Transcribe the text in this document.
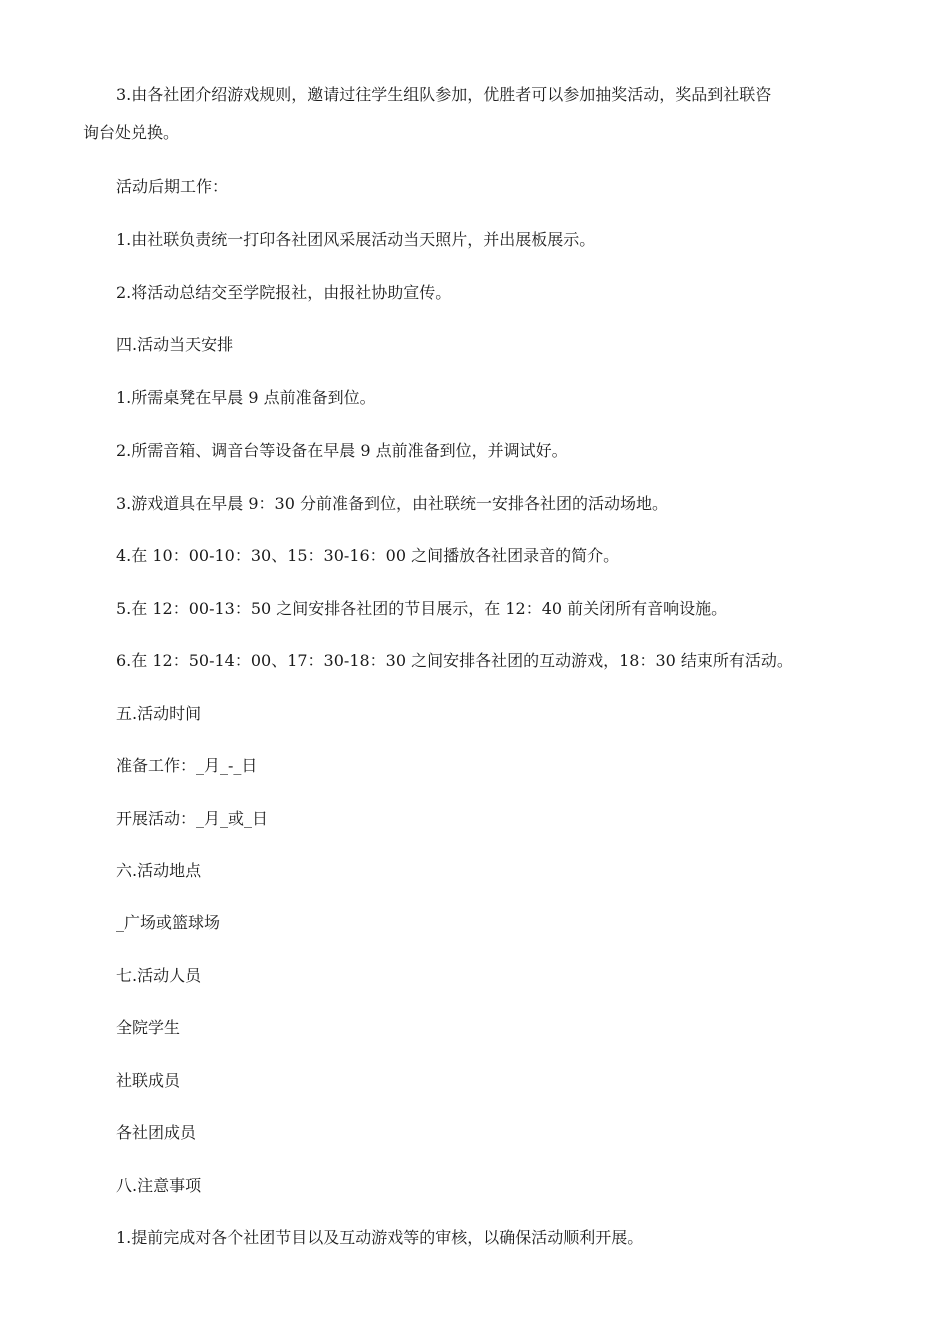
3.由各社团介绍游戏规则，邀请过往学生组队参加，优胜者可以参加抽奖活动，奖品到社联咨

询台处兑换。

活动后期工作：

1.由社联负责统一打印各社团风采展活动当天照片，并出展板展示。

2.将活动总结交至学院报社，由报社协助宣传。

四.活动当天安排

1.所需桌凳在早晨 9 点前准备到位。

2.所需音箱、调音台等设备在早晨 9 点前准备到位，并调试好。

3.游戏道具在早晨 9：30 分前准备到位，由社联统一安排各社团的活动场地。

4.在 10：00-10：30、15：30-16：00 之间播放各社团录音的简介。

5.在 12：00-13：50 之间安排各社团的节目展示，在 12：40 前关闭所有音响设施。

6.在 12：50-14：00、17：30-18：30 之间安排各社团的互动游戏，18：30 结束所有活动。

五.活动时间

准备工作：_月_-_日

开展活动：_月_或_日

六.活动地点

_广场或篮球场

七.活动人员

全院学生

社联成员

各社团成员

八.注意事项

1.提前完成对各个社团节目以及互动游戏等的审核，以确保活动顺利开展。
